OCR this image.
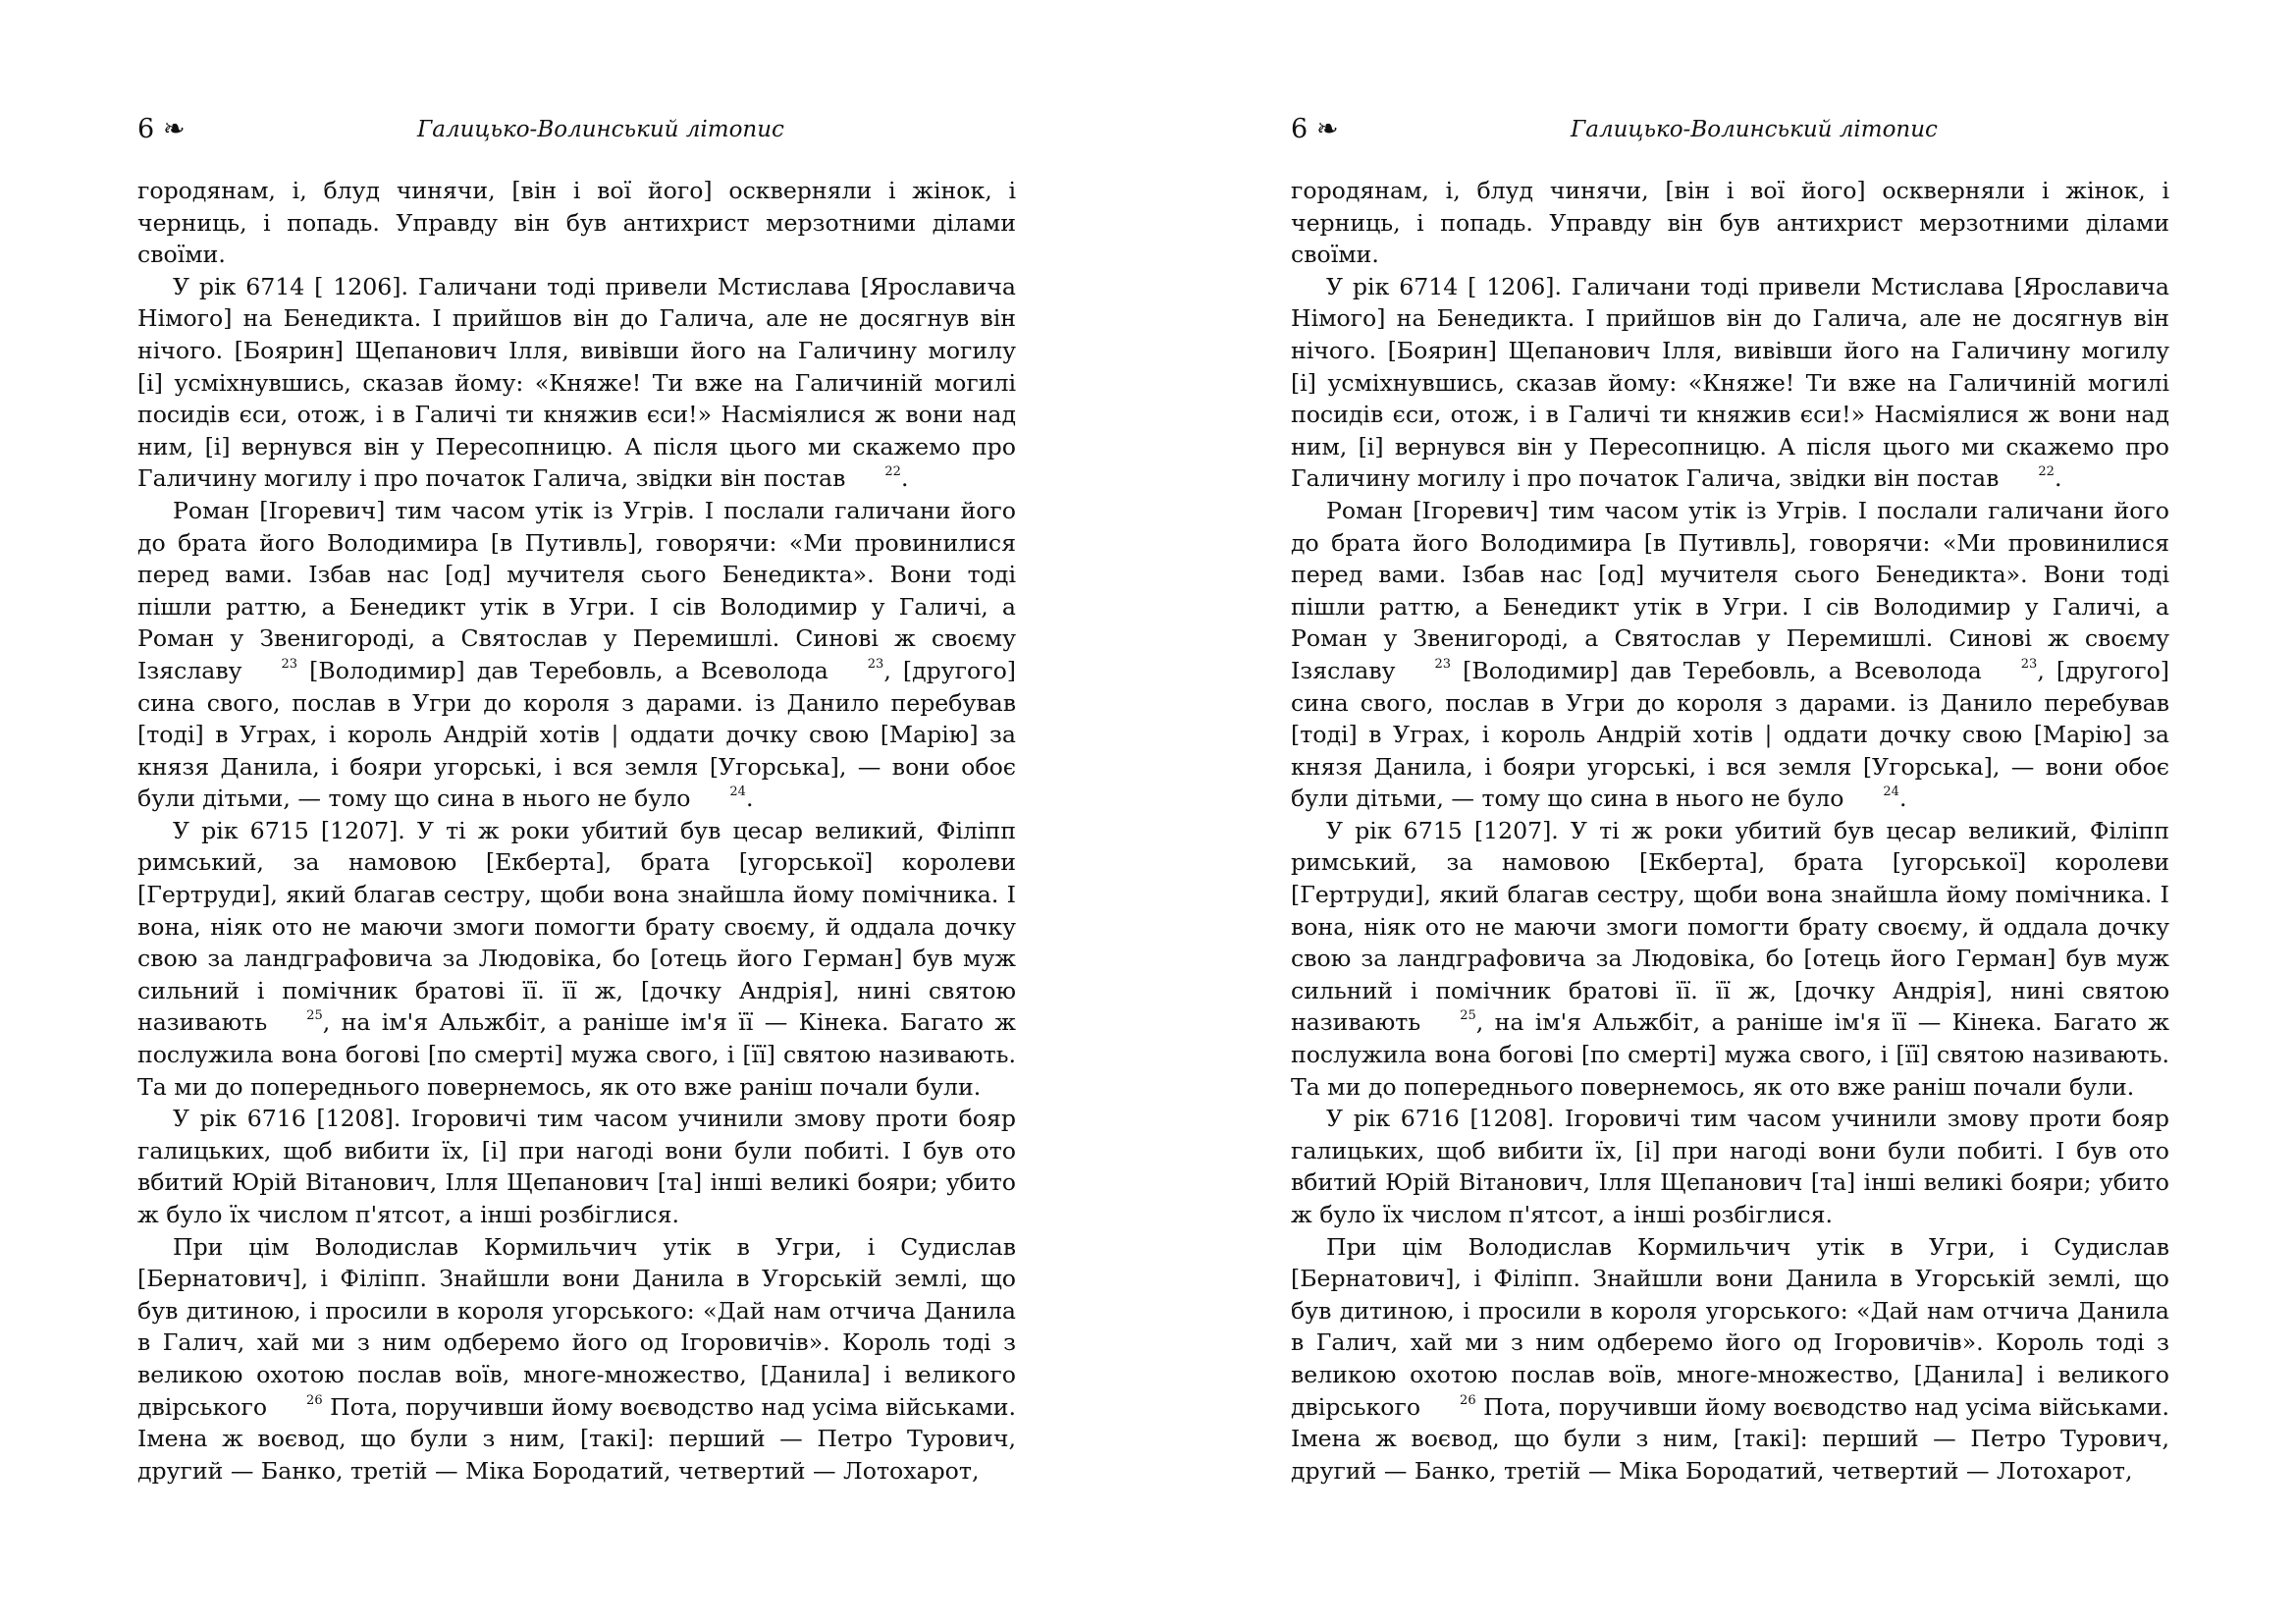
6 ❧	Галицько-Волинський літопис

городянам, і, блуд чинячи, [він і вої його] оскверняли і жінок, і черниць, і попадь. Управду він був антихрист мерзотними ділами своїми.

У рік 6714 [ 1206]. Галичани тоді привели Мстислава [Ярославича Німого] на Бенедикта. І прийшов він до Галича, але не досягнув він нічого. [Боярин] Щепанович Ілля, вивівши його на Галичину могилу [і] усміхнувшись, сказав йому: «Княже! Ти вже на Галичиній могилі посидів єси, отож, і в Галичі ти княжив єси!» Насміялися ж вони над ним, [і] вернувся він у Пересопницю. А після цього ми скажемо про Галичину могилу і про початок Галича, звідки він постав	22.

Роман [Ігоревич] тим часом утік із Угрів. І послали галичани його до брата його Володимира [в Путивль], говорячи: «Ми провинилися перед вами. Ізбав нас [од] мучителя сього Бенедикта». Вони тоді пішли раттю, а Бенедикт утік в Угри. І сів Володимир у Галичі, а Роман у Звенигороді, а Святослав у Перемишлі. Синові ж своєму Ізяславу	23 [Володимир] дав Теребовль, а Всеволода	23, [другого] сина свого, послав в Угри до короля з дарами. із Данило перебував [тоді] в Уграх, і король Андрій хотів | оддати дочку свою [Марію] за князя Данила, і бояри угорські, і вся земля [Угорська], — вони обоє були дітьми, — тому що сина в нього не було	24.

У рік 6715 [1207]. У ті ж роки убитий був цесар великий, Філіпп римський, за намовою [Екберта], брата [угорської] королеви [Гертруди], який благав сестру, щоби вона знайшла йому помічника. І вона, ніяк ото не маючи змоги помогти брату своєму, й оддала дочку свою за ландграфовича за Людовіка, бо [отець його Герман] був муж сильний і помічник братові її. її ж, [дочку Андрія], нині святою називають	25, на ім'я Альжбіт, а раніше ім'я її — Кінека. Багато ж послужила вона богові [по смерті] мужа свого, і [її] святою називають. Та ми до попереднього повернемось, як ото вже раніш почали були.

У рік 6716 [1208]. Ігоровичі тим часом учинили змову проти бояр галицьких, щоб вибити їх, [і] при нагоді вони були побиті. І був ото вбитий Юрій Вітанович, Ілля Щепанович [та] інші великі бояри; убито ж було їх числом п'ятсот, а інші розбіглися.

При цім Володислав Кормильчич утік в Угри, і Судислав [Бернатович], і Філіпп. Знайшли вони Данила в Угорській землі, що був дитиною, і просили в короля угорського: «Дай нам отчича Данила в Галич, хай ми з ним одберемо його од Ігоровичів». Король тоді з великою охотою послав воїв, многе-множество, [Данила] і великого двірського	26 Пота, поручивши йому воєводство над усіма військами. Імена ж воєвод, що були з ним, [такі]: перший — Петро Турович, другий — Банко, третій — Міка Бородатий, четвертий — Лотохарот,

6 ❧	Галицько-Волинський літопис

городянам, і, блуд чинячи, [він і вої його] оскверняли і жінок, і черниць, і попадь. Управду він був антихрист мерзотними ділами своїми.

У рік 6714 [ 1206]. Галичани тоді привели Мстислава [Ярославича Німого] на Бенедикта. І прийшов він до Галича, але не досягнув він нічого. [Боярин] Щепанович Ілля, вивівши його на Галичину могилу [і] усміхнувшись, сказав йому: «Княже! Ти вже на Галичиній могилі посидів єси, отож, і в Галичі ти княжив єси!» Насміялися ж вони над ним, [і] вернувся він у Пересопницю. А після цього ми скажемо про Галичину могилу і про початок Галича, звідки він постав	22.

Роман [Ігоревич] тим часом утік із Угрів. І послали галичани його до брата його Володимира [в Путивль], говорячи: «Ми провинилися перед вами. Ізбав нас [од] мучителя сього Бенедикта». Вони тоді пішли раттю, а Бенедикт утік в Угри. І сів Володимир у Галичі, а Роман у Звенигороді, а Святослав у Перемишлі. Синові ж своєму Ізяславу	23 [Володимир] дав Теребовль, а Всеволода	23, [другого] сина свого, послав в Угри до короля з дарами. із Данило перебував [тоді] в Уграх, і король Андрій хотів | оддати дочку свою [Марію] за князя Данила, і бояри угорські, і вся земля [Угорська], — вони обоє були дітьми, — тому що сина в нього не було	24.

У рік 6715 [1207]. У ті ж роки убитий був цесар великий, Філіпп римський, за намовою [Екберта], брата [угорської] королеви [Гертруди], який благав сестру, щоби вона знайшла йому помічника. І вона, ніяк ото не маючи змоги помогти брату своєму, й оддала дочку свою за ландграфовича за Людовіка, бо [отець його Герман] був муж сильний і помічник братові її. її ж, [дочку Андрія], нині святою називають	25, на ім'я Альжбіт, а раніше ім'я її — Кінека. Багато ж послужила вона богові [по смерті] мужа свого, і [її] святою називають. Та ми до попереднього повернемось, як ото вже раніш почали були.

У рік 6716 [1208]. Ігоровичі тим часом учинили змову проти бояр галицьких, щоб вибити їх, [і] при нагоді вони були побиті. І був ото вбитий Юрій Вітанович, Ілля Щепанович [та] інші великі бояри; убито ж було їх числом п'ятсот, а інші розбіглися.

При цім Володислав Кормильчич утік в Угри, і Судислав [Бернатович], і Філіпп. Знайшли вони Данила в Угорській землі, що був дитиною, і просили в короля угорського: «Дай нам отчича Данила в Галич, хай ми з ним одберемо його од Ігоровичів». Король тоді з великою охотою послав воїв, многе-множество, [Данила] і великого двірського	26 Пота, поручивши йому воєводство над усіма військами. Імена ж воєвод, що були з ним, [такі]: перший — Петро Турович, другий — Банко, третій — Міка Бородатий, четвертий — Лотохарот,
